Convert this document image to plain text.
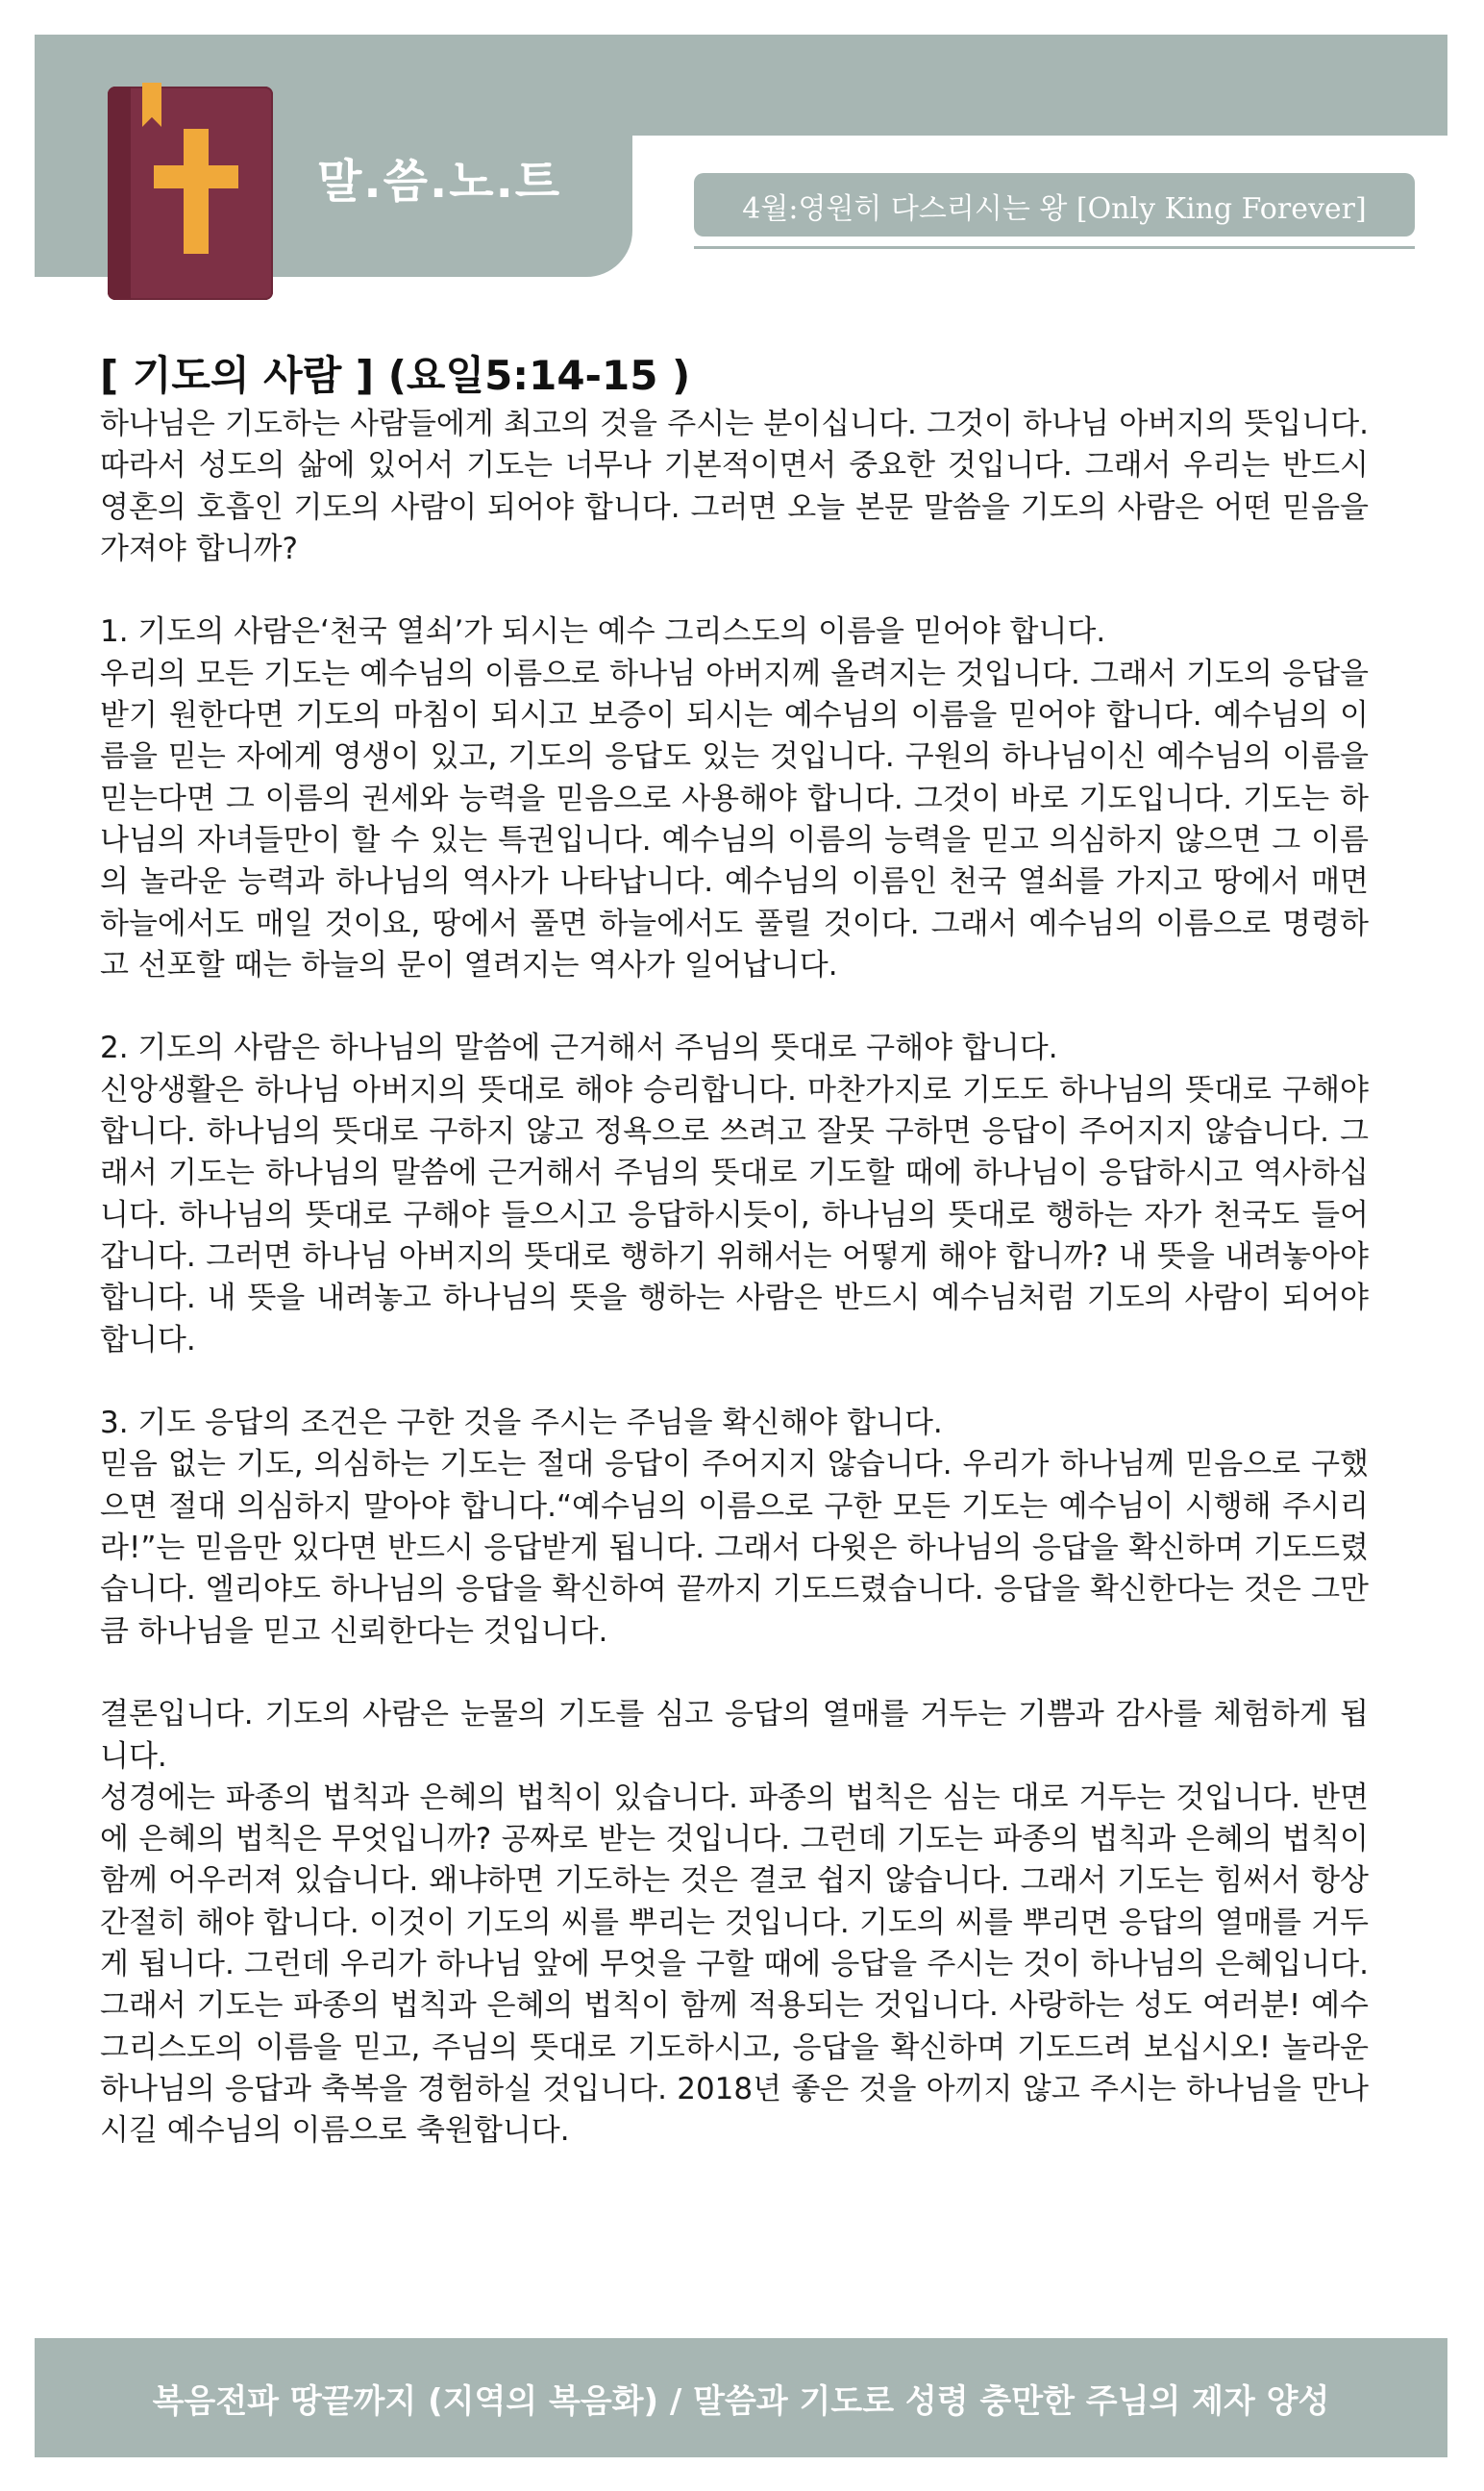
말.씀.노.트
4월:영원히 다스리시는 왕 [Only King Forever]
[ 기도의 사람 ] (요일5:14-15 )

하나님은 기도하는 사람들에게 최고의 것을 주시는 분이십니다. 그것이 하나님 아버지의 뜻입니다. 따라서 성도의 삶에 있어서 기도는 너무나 기본적이면서 중요한 것입니다. 그래서 우리는 반드시 영혼의 호흡인 기도의 사람이 되어야 합니다. 그러면 오늘 본문 말씀을 기도의 사람은 어떤 믿음을 가져야 합니까?

1. 기도의 사람은‘천국 열쇠’가 되시는 예수 그리스도의 이름을 믿어야 합니다.

우리의 모든 기도는 예수님의 이름으로 하나님 아버지께 올려지는 것입니다. 그래서 기도의 응답을 받기 원한다면 기도의 마침이 되시고 보증이 되시는 예수님의 이름을 믿어야 합니다. 예수님의 이름을 믿는 자에게 영생이 있고, 기도의 응답도 있는 것입니다. 구원의 하나님이신 예수님의 이름을 믿는다면 그 이름의 권세와 능력을 믿음으로 사용해야 합니다. 그것이 바로 기도입니다. 기도는 하나님의 자녀들만이 할 수 있는 특권입니다. 예수님의 이름의 능력을 믿고 의심하지 않으면 그 이름의 놀라운 능력과 하나님의 역사가 나타납니다. 예수님의 이름인 천국 열쇠를 가지고 땅에서 매면 하늘에서도 매일 것이요, 땅에서 풀면 하늘에서도 풀릴 것이다. 그래서 예수님의 이름으로 명령하고 선포할 때는 하늘의 문이 열려지는 역사가 일어납니다.

2. 기도의 사람은 하나님의 말씀에 근거해서 주님의 뜻대로 구해야 합니다.

신앙생활은 하나님 아버지의 뜻대로 해야 승리합니다. 마찬가지로 기도도 하나님의 뜻대로 구해야 합니다. 하나님의 뜻대로 구하지 않고 정욕으로 쓰려고 잘못 구하면 응답이 주어지지 않습니다. 그래서 기도는 하나님의 말씀에 근거해서 주님의 뜻대로 기도할 때에 하나님이 응답하시고 역사하십니다. 하나님의 뜻대로 구해야 들으시고 응답하시듯이, 하나님의 뜻대로 행하는 자가 천국도 들어갑니다. 그러면 하나님 아버지의 뜻대로 행하기 위해서는 어떻게 해야 합니까? 내 뜻을 내려놓아야 합니다. 내 뜻을 내려놓고 하나님의 뜻을 행하는 사람은 반드시 예수님처럼 기도의 사람이 되어야 합니다.

3. 기도 응답의 조건은 구한 것을 주시는 주님을 확신해야 합니다.

믿음 없는 기도, 의심하는 기도는 절대 응답이 주어지지 않습니다. 우리가 하나님께 믿음으로 구했으면 절대 의심하지 말아야 합니다.“예수님의 이름으로 구한 모든 기도는 예수님이 시행해 주시리라!”는 믿음만 있다면 반드시 응답받게 됩니다. 그래서 다윗은 하나님의 응답을 확신하며 기도드렸습니다. 엘리야도 하나님의 응답을 확신하여 끝까지 기도드렸습니다. 응답을 확신한다는 것은 그만큼 하나님을 믿고 신뢰한다는 것입니다.

결론입니다. 기도의 사람은 눈물의 기도를 심고 응답의 열매를 거두는 기쁨과 감사를 체험하게 됩니다.

성경에는 파종의 법칙과 은혜의 법칙이 있습니다. 파종의 법칙은 심는 대로 거두는 것입니다. 반면에 은혜의 법칙은 무엇입니까? 공짜로 받는 것입니다. 그런데 기도는 파종의 법칙과 은혜의 법칙이 함께 어우러져 있습니다. 왜냐하면 기도하는 것은 결코 쉽지 않습니다. 그래서 기도는 힘써서 항상 간절히 해야 합니다. 이것이 기도의 씨를 뿌리는 것입니다. 기도의 씨를 뿌리면 응답의 열매를 거두게 됩니다. 그런데 우리가 하나님 앞에 무엇을 구할 때에 응답을 주시는 것이 하나님의 은혜입니다. 그래서 기도는 파종의 법칙과 은혜의 법칙이 함께 적용되는 것입니다. 사랑하는 성도 여러분! 예수 그리스도의 이름을 믿고, 주님의 뜻대로 기도하시고, 응답을 확신하며 기도드려 보십시오! 놀라운 하나님의 응답과 축복을 경험하실 것입니다. 2018년 좋은 것을 아끼지 않고 주시는 하나님을 만나시길 예수님의 이름으로 축원합니다.

복음전파 땅끝까지 (지역의 복음화) / 말씀과 기도로 성령 충만한 주님의 제자 양성
